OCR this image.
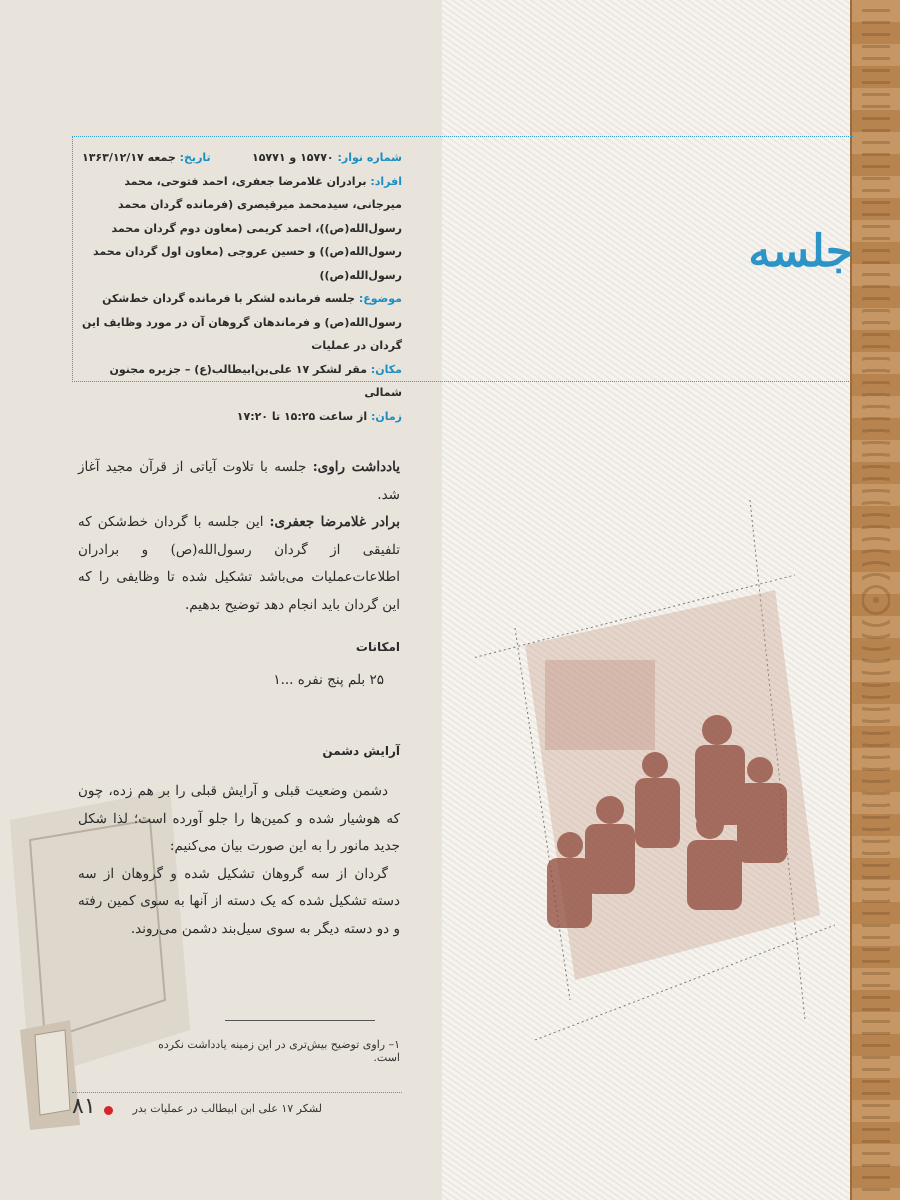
شماره نوار: ۱۵۷۷۰ و ۱۵۷۷۱
تاریخ: جمعه ۱۳۶۳/۱۲/۱۷
افراد: برادران غلامرضا جعفری، احمد فتوحی، محمد میرجانی، سیدمحمد میرقیصری (فرمانده گردان محمد رسول‌الله(ص))، احمد کریمی (معاون دوم گردان محمد رسول‌الله(ص)) و حسین عروجی (معاون اول گردان محمد رسول‌الله(ص))
موضوع: جلسه فرمانده لشکر با فرمانده گردان خط‌شکن رسول‌الله(ص) و فرماندهان گروهان آن در مورد وظایف این گردان در عملیات
مکان: مقر لشکر ۱۷ علی‌بن‌ابیطالب(ع) – جزیره مجنون شمالی
زمان: از ساعت ۱۵:۲۵ تا ۱۷:۲۰
جلسه
یادداشت راوی: جلسه با تلاوت آیاتی از قرآن مجید آغاز شد.
برادر غلامرضا جعفری: این جلسه با گردان خط‌شکن که تلفیقی از گردان رسول‌الله(ص) و برادران اطلاعات‌عملیات می‌باشد تشکیل شده تا وظایفی را که این گردان باید انجام دهد توضیح بدهیم.
امکانات
۲۵ بلم پنج نفره ...۱
آرایش دشمن
دشمن وضعیت قبلی و آرایش قبلی را بر هم زده، چون که هوشیار شده و کمین‌ها را جلو آورده است؛ لذا شکل جدید مانور را به این صورت بیان می‌کنیم:
گردان از سه گروهان تشکیل شده و گروهان از سه دسته تشکیل شده که یک دسته از آنها به سوی کمین رفته و دو دسته دیگر به سوی سیل‌بند دشمن می‌روند.
۱– راوی توضیح بیش‌تری در این زمینه یادداشت نکرده است.
۸۱	لشکر ۱۷ علی ابن ابیطالب در عملیات بدر
